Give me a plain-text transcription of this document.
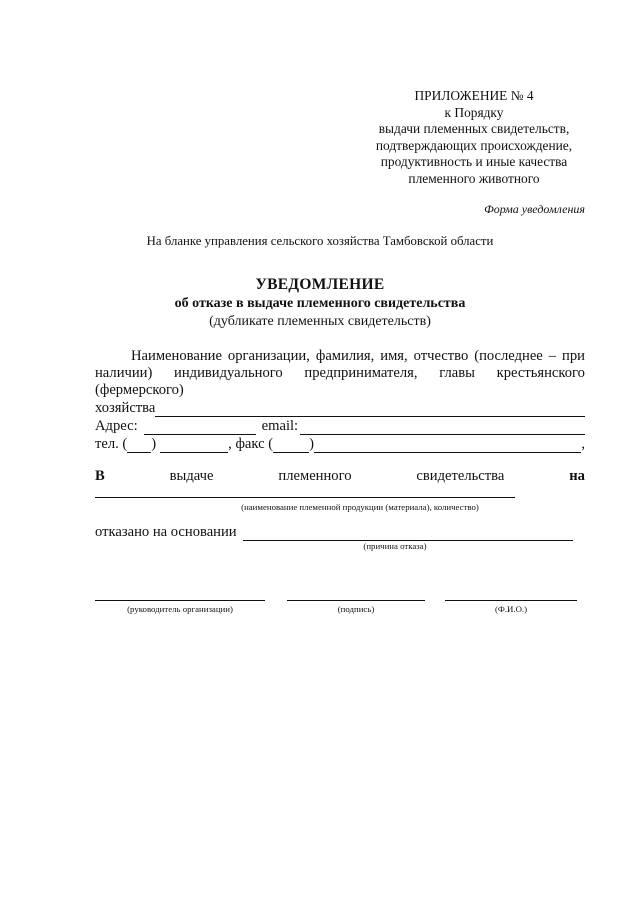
ПРИЛОЖЕНИЕ № 4
к Порядку
выдачи племенных свидетельств,
подтверждающих происхождение,
продуктивность и иные качества
племенного животного
Форма уведомления
На бланке управления сельского хозяйства Тамбовской области
УВЕДОМЛЕНИЕ
об отказе в выдаче племенного свидетельства
(дубликате племенных свидетельств)
Наименование организации, фамилия, имя, отчество (последнее – при
наличии) индивидуального предпринимателя, главы крестьянского
(фермерского)
хозяйства
Адрес:	email:
тел. ( )	, факс ( )	,
В	выдаче	племенного	свидетельства	на
(наименование племенной продукции (материала), количество)
отказано на основании
(причина отказа)
(руководитель организации)	(подпись)	(Ф.И.О.)
